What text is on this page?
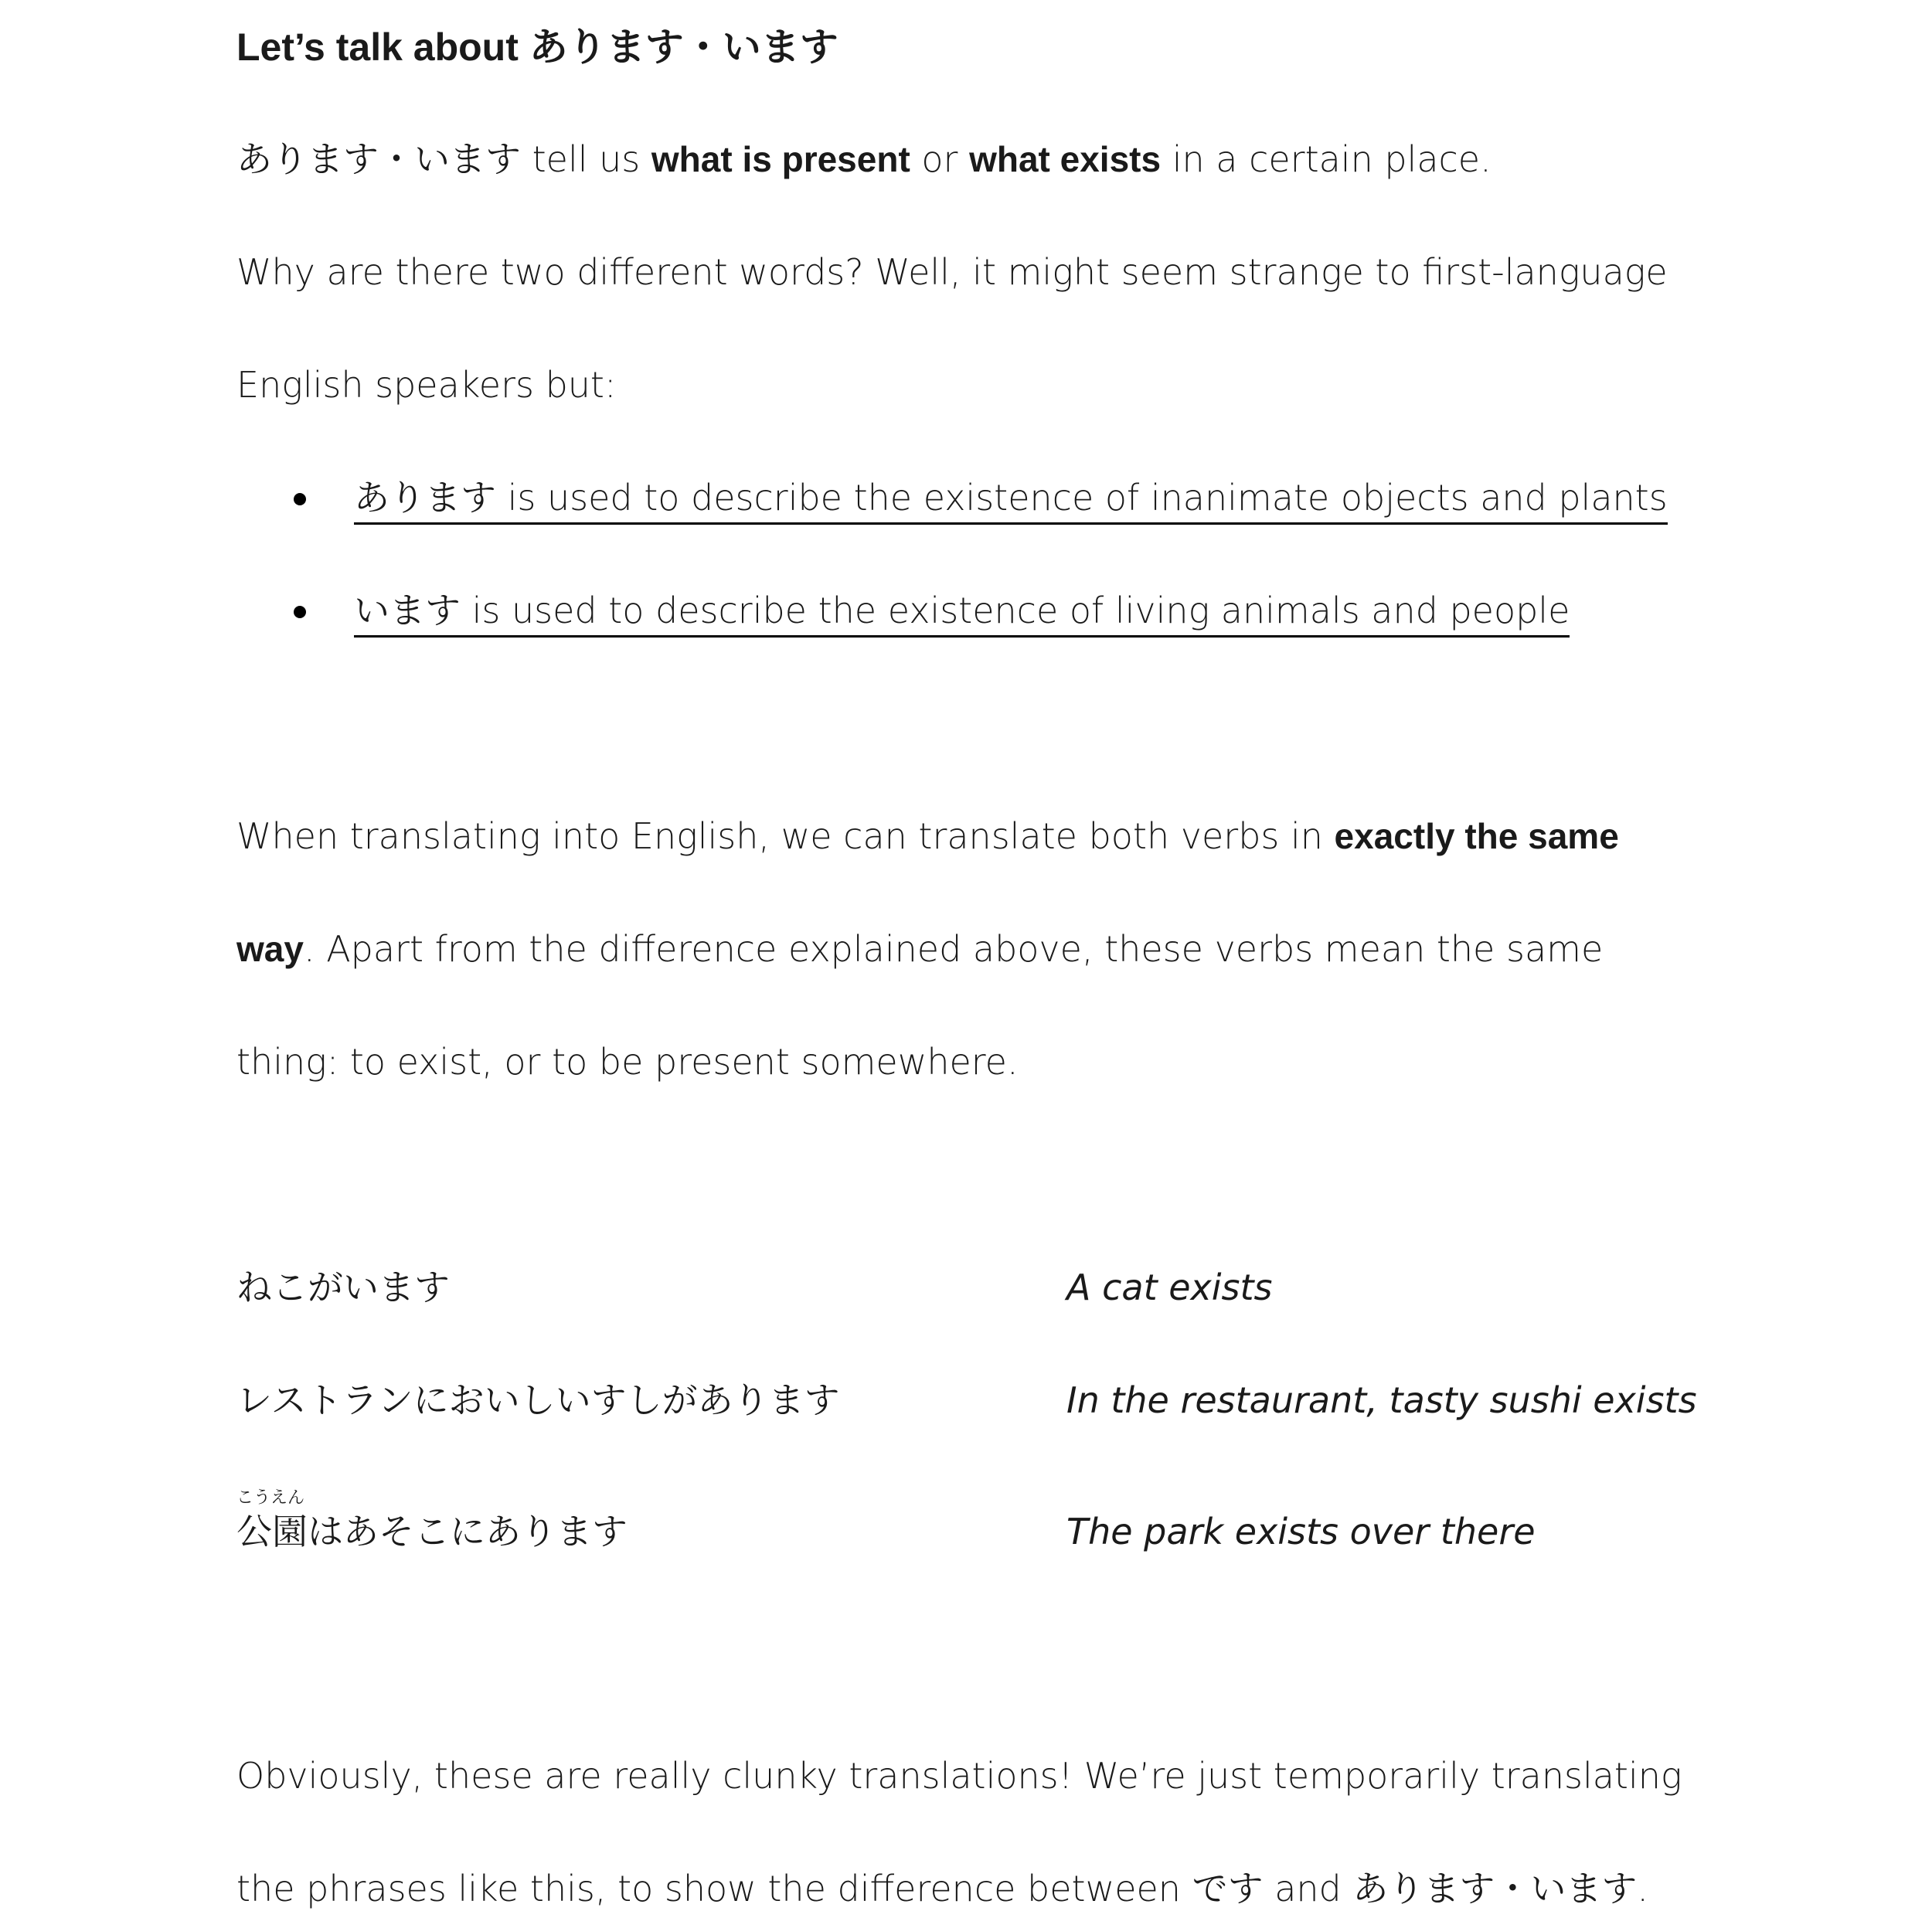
Let’s talk about あります・います
あります・います tell us what is present or what exists in a certain place.
Why are there two different words? Well, it might seem strange to first-language
English speakers but:
あります is used to describe the existence of inanimate objects and plants
います is used to describe the existence of living animals and people
When translating into English, we can translate both verbs in exactly the same
way. Apart from the difference explained above, these verbs mean the same
thing: to exist, or to be present somewhere.
ねこがいます	A cat exists
レストランにおいしいすしがあります	In the restaurant, tasty sushi exists
こうえん
公園はあそこにあります	The park exists over there
Obviously, these are really clunky translations! We’re just temporarily translating
the phrases like this, to show the difference between です and あります・います.
